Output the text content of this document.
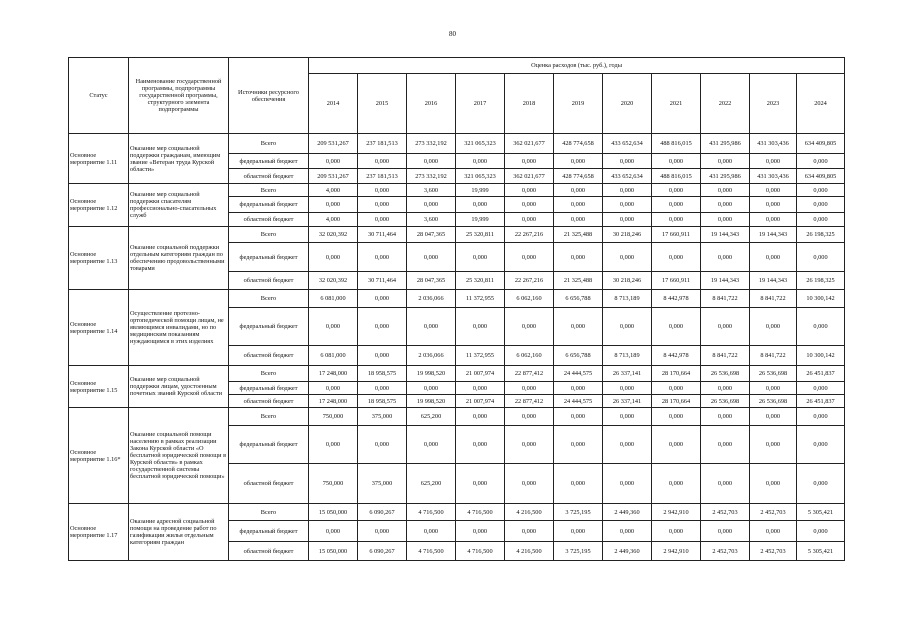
80
Статус	Наименование государственной программы, подпрограммы государственной программы, структурного элемента подпрограммы	Источники ресурсного обеспечения	Оценка расходов (тыс. руб.), годы										
			2014	2015	2016	2017	2018	2019	2020	2021	2022	2023	2024
Основное мероприятие 1.11	Оказание мер социальной поддержки гражданам, имеющим звание «Ветеран труда Курской области»	Всего	209 531,267	237 181,513	273 332,192	321 065,323	362 021,677	428 774,658	433 652,634	488 816,015	431 295,986	431 303,436	634 409,805
		федеральный бюджет	0,000	0,000	0,000	0,000	0,000	0,000	0,000	0,000	0,000	0,000	0,000
		областной бюджет	209 531,267	237 181,513	273 332,192	321 065,323	362 021,677	428 774,658	433 652,634	488 816,015	431 295,986	431 303,436	634 409,805
Основное мероприятие 1.12	Оказание мер социальной поддержки спасателям профессионально-спасательных служб	Всего	4,000	0,000	3,600	19,999	0,000	0,000	0,000	0,000	0,000	0,000	0,000
		федеральный бюджет	0,000	0,000	0,000	0,000	0,000	0,000	0,000	0,000	0,000	0,000	0,000
		областной бюджет	4,000	0,000	3,600	19,999	0,000	0,000	0,000	0,000	0,000	0,000	0,000
Основное мероприятие 1.13	Оказание социальной поддержки отдельным категориям граждан по обеспечению продовольственными товарами	Всего	32 020,392	30 711,464	28 047,365	25 320,811	22 267,216	21 325,488	30 218,246	17 660,911	19 144,343	19 144,343	26 198,325
		федеральный бюджет	0,000	0,000	0,000	0,000	0,000	0,000	0,000	0,000	0,000	0,000	0,000
		областной бюджет	32 020,392	30 711,464	28 047,365	25 320,811	22 267,216	21 325,488	30 218,246	17 660,911	19 144,343	19 144,343	26 198,325
Основное мероприятие 1.14	Осуществление протезно-ортопедической помощи лицам, не являющимся инвалидами, но по медицинским показаниям нуждающимся в этих изделиях	Всего	6 081,000	0,000	2 036,066	11 372,955	6 062,160	6 656,788	8 713,189	8 442,978	8 841,722	8 841,722	10 300,142
		федеральный бюджет	0,000	0,000	0,000	0,000	0,000	0,000	0,000	0,000	0,000	0,000	0,000
		областной бюджет	6 081,000	0,000	2 036,066	11 372,955	6 062,160	6 656,788	8 713,189	8 442,978	8 841,722	8 841,722	10 300,142
Основное мероприятие 1.15	Оказание мер социальной поддержки лицам, удостоенным почетных званий Курской области	Всего	17 248,000	18 958,575	19 998,520	21 007,974	22 877,412	24 444,575	26 337,141	28 170,664	26 536,698	26 536,698	26 451,837
		федеральный бюджет	0,000	0,000	0,000	0,000	0,000	0,000	0,000	0,000	0,000	0,000	0,000
		областной бюджет	17 248,000	18 958,575	19 998,520	21 007,974	22 877,412	24 444,575	26 337,141	28 170,664	26 536,698	26 536,698	26 451,837
Основное мероприятие 1.16*	Оказание социальной помощи населению в рамках реализации Закона Курской области «О бесплатной юридической помощи в Курской области» в рамках государственной системы бесплатной юридической помощи»	Всего	750,000	375,000	625,200	0,000	0,000	0,000	0,000	0,000	0,000	0,000	0,000
		федеральный бюджет	0,000	0,000	0,000	0,000	0,000	0,000	0,000	0,000	0,000	0,000	0,000
		областной бюджет	750,000	375,000	625,200	0,000	0,000	0,000	0,000	0,000	0,000	0,000	0,000
Основное мероприятие 1.17	Оказание адресной социальной помощи на проведение работ по газификации жилья отдельным категориям граждан	Всего	15 050,000	6 090,267	4 716,500	4 716,500	4 216,500	3 725,195	2 449,360	2 942,910	2 452,703	2 452,703	5 305,421
		федеральный бюджет	0,000	0,000	0,000	0,000	0,000	0,000	0,000	0,000	0,000	0,000	0,000
		областной бюджет	15 050,000	6 090,267	4 716,500	4 716,500	4 216,500	3 725,195	2 449,360	2 942,910	2 452,703	2 452,703	5 305,421
